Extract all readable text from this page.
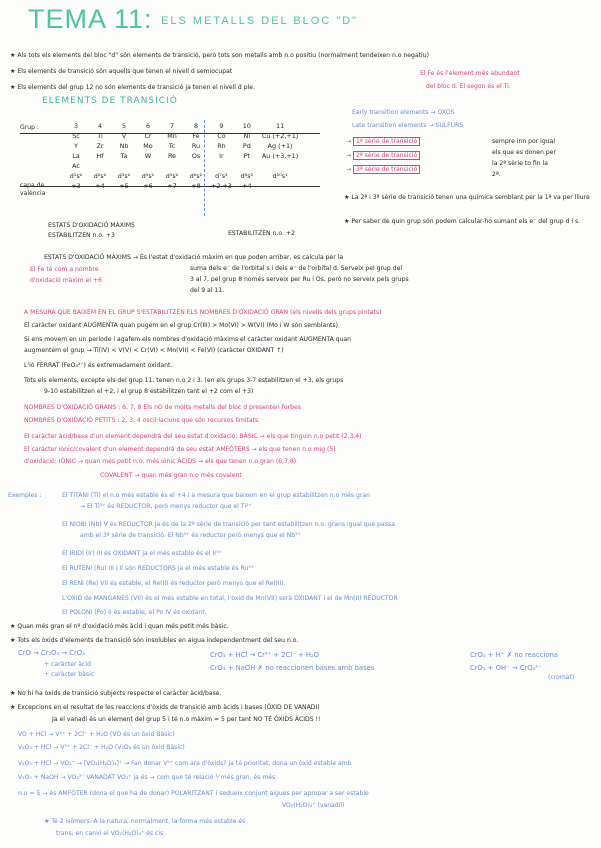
TEMA 11: ELS METALLS DEL BLOC "D"
★ Als tots els elements del bloc "d" són elements de transició, però tots son metalls amb n.o positiu (normalment tendeixen n.o negatiu)
★ Els elements de transició són aquells que tenen el nivell d semiocupat
★ Els elements del grup 12 no són elements de transició ja tenen el nivell d ple.
El Fe és l'element més abundant
del bloc d. El segon és el Ti.
ELEMENTS DE TRANSICIÓ
Early transition elements → OXOS
Late transition elements → SULFURS
Grup :	3	4	5	6	7	8	9	10	11
Sc	Ti	V	Cr	Mn	Fe	Co	Ni	Cu (+2,+1)
Y	Zr	Nb	Mo	Tc	Ru	Rh	Pd	Ag (+1)
La	Hf	Ta	W	Re	Os	Ir	Pt	Au (+3,+1)
Ac								
d¹s²	d²s²	d³s²	d⁵s¹	d⁵s²	d⁶s²	d⁷s²	d⁸s²	d¹⁰s¹
+3	+4	+5	+6	+7	+8	+2 +3	+4	
capa de
valència
→ 1ª sèrie de transició
→ 2ª sèrie de transició
→ 3ª sèrie de transició
sempre inn por igual
els que es donen per
la 2ª sèrie to fin la
2ª.
ESTATS D'OXIDACIÓ MÀXIMS
ESTABILITZEN n.o. +3	ESTABILITZEN n.o. +2
★ La 2ª i 3ª sèrie de transició tenen una química semblant per la 1ª va per lliure
★ Per saber de quin grup són podem calcular-ho sumant els e⁻ del grup d i s.
ESTATS D'OXIDACIÓ MÀXIMS → És l'estat d'oxidació màxim en que poden arribar, es calcula per la
suma dels e⁻ de l'orbital s i dels e⁻ de l'orbital d. Serveix pel grup del
3 al 7, pel grup 8 només serveix per Ru i Os, però no serveix pels grups
del 9 al 11.
El Fe té com a nombre
d'oxidació màxim el +6
A MESURA QUE BAIXEM EN EL GRUP S'ESTABILITZEN ELS NOMBRES D'OXIDACIÓ GRAN (els nivells dels grups pintats)
El caràcter oxidant AUGMENTA quan pugem en el grup Cr(III) > Mo(VI) > W(VI) (Mo i W són semblants)
Si ens movem en un període i agafem els nombres d'oxidació màxims el caràcter oxidant AUGMENTA quan
augmentem el grup → Ti(IV) < V(V) < Cr(VI) < Mn(VII) < Fe(VI) (caràcter OXIDANT ↑)
L'ió FERRAT (FeO₄²⁻) és extremadament oxidant.
Tots els elements, excepte els del grup 11, tenen n.o 2 i 3. (en els grups 3-7 estabilitzen el +3, els grups
9-10 estabilitzen el +2, i el grup 8 estabilitzen tant el +2 com el +3)
NOMBRES D'OXIDACIÓ GRANS : 6, 7, 8 Els nO de molts metalls del bloc d presenten forbes
NOMBRES D'OXIDACIÓ PETITS : 2, 3, 4 oscil·lacions que són recursos limitats
El caràcter àcid/base d'un element dependrà del seu estat d'oxidació: BÀSIC → els que tinguin n.o petit (2,3,4)
El caràcter iònic/covalent d'un element dependrà de seu estat AMFÒTERS → els que tenen n.o mig (5)
d'oxidació: IÒNIC → quan més petit n.o. més iònic ÀCIDS → els que tenen n.o gran (6,7,8)
COVALENT → quan més gran n.o més covalent
Exemples :	El TITANI (Ti) el n.o més estable és el +4 i a mesura que baixem en el grup estabilitzen n.o més gran
→ El Ti³⁺ és REDUCTOR, però menys reductor que el Ti²⁺
El NIOBI (Nb) V és REDUCTOR ja és de la 2ª sèrie de transició per tant estabilitzen n.o. grans igual que passa
amb el 3ª sèrie de transició. El Nb³⁺ és reductor però menys que el Nb⁵⁺
El IRIDI (Ir) III és OXIDANT ja el més estable és el Ir³⁺
El RUTENI (Ru) III i II són REDUCTORS ja el més estable és Ru³⁺
El RENI (Re) VII és estable, el Re(II) és reductor però menys que el Re(III).
L'OXID de MANGANÈS (VII) és el més estable en total, l'òxid de Mn(VII) serà OXIDANT i el de Mn(II) REDUCTOR
El POLONI (Po) II és estable, el Po IV és oxidant.
★ Quan més gran el nº d'oxidació més àcid i quan més petit més bàsic.
★ Tots els òxids d'elements de transició són insolubles en aigua independentment del seu n.o.
CrO → Cr₂O₃ → CrO₃
+ caràcter àcid
+ caràcter bàsic
CrO₃ + HCl → Cr³⁺ + 2Cl⁻ + H₂O
CrO₃ + NaOH ✗ no reaccionen bases amb bases
CrO₃ + H⁺ ✗ no reacciona
CrO₃ + OH⁻ → CrO₄²⁻
(cromat)
★ No hi ha òxids de transició subjects respecte el caràcter àcid/base.
★ Excepcions en el resultat de les reaccions d'òxids de transició amb àcids i bases (ÒXID DE VANADI)
Ja el vanadi és un element del grup 5 i té n.o màxim = 5 per tant NO TÉ ÒXIDS ÀCIDS !!
VO + HCl → V²⁺ + 2Cl⁻ + H₂O (VO és un òxid Bàsic)
V₂O₃ + HCl → V³⁺ + 2Cl⁻ + H₂O (V₂O₃ és un òxid Bàsic)
V₂O₅ + HCl → VO₂⁺ → [VO₂(H₂O)₄]⁺ → Fan donar V⁵⁺ com ara d'òxids? ja té prioritat, dona un òxid estable amb
V₂O₅ + NaOH → VO₄³⁻ VANADAT VO₂⁺ ja és → com que té relació ⅟ més gran, és més
n.o = 5 → és AMFÒTER (dona el que ha de donar) POLARITZANT i sedueix conjunt aigues per apropar a ser estable
VO₂(H₂O)₄⁺ (vanadil)
★ Té 2 isòmers. A la natura, normalment, la forma més estable és
trans, en canvi el VO₂(H₂O)₄⁺ és cis
